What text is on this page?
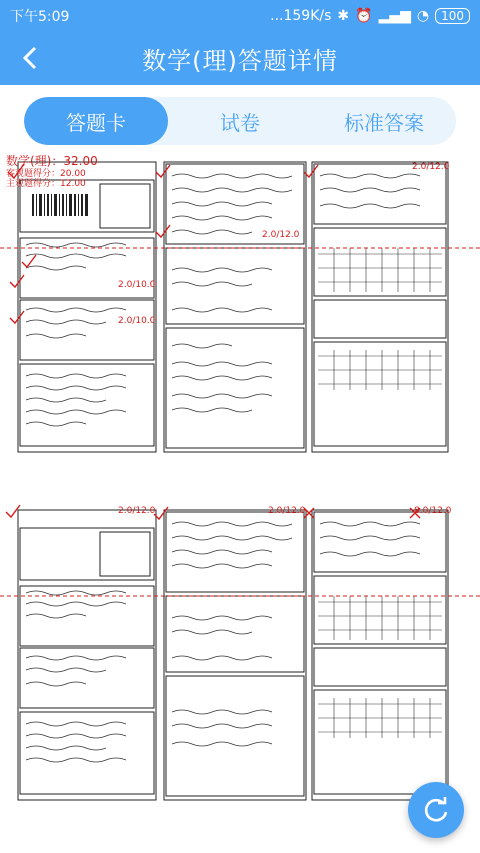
下午5:09	...159K/s ✱ ⏰ ▂▄▆ ◔	100
数学(理)答题详情
答题卡	试卷	标准答案
数学(理)：32.00
客观题得分：20.00
主观题得分：12.00
2.0/12.0
2.0/12.0
2.0/10.0
2.0/10.0
2.0/12.0	2.0/12.0	8.0/12.0
